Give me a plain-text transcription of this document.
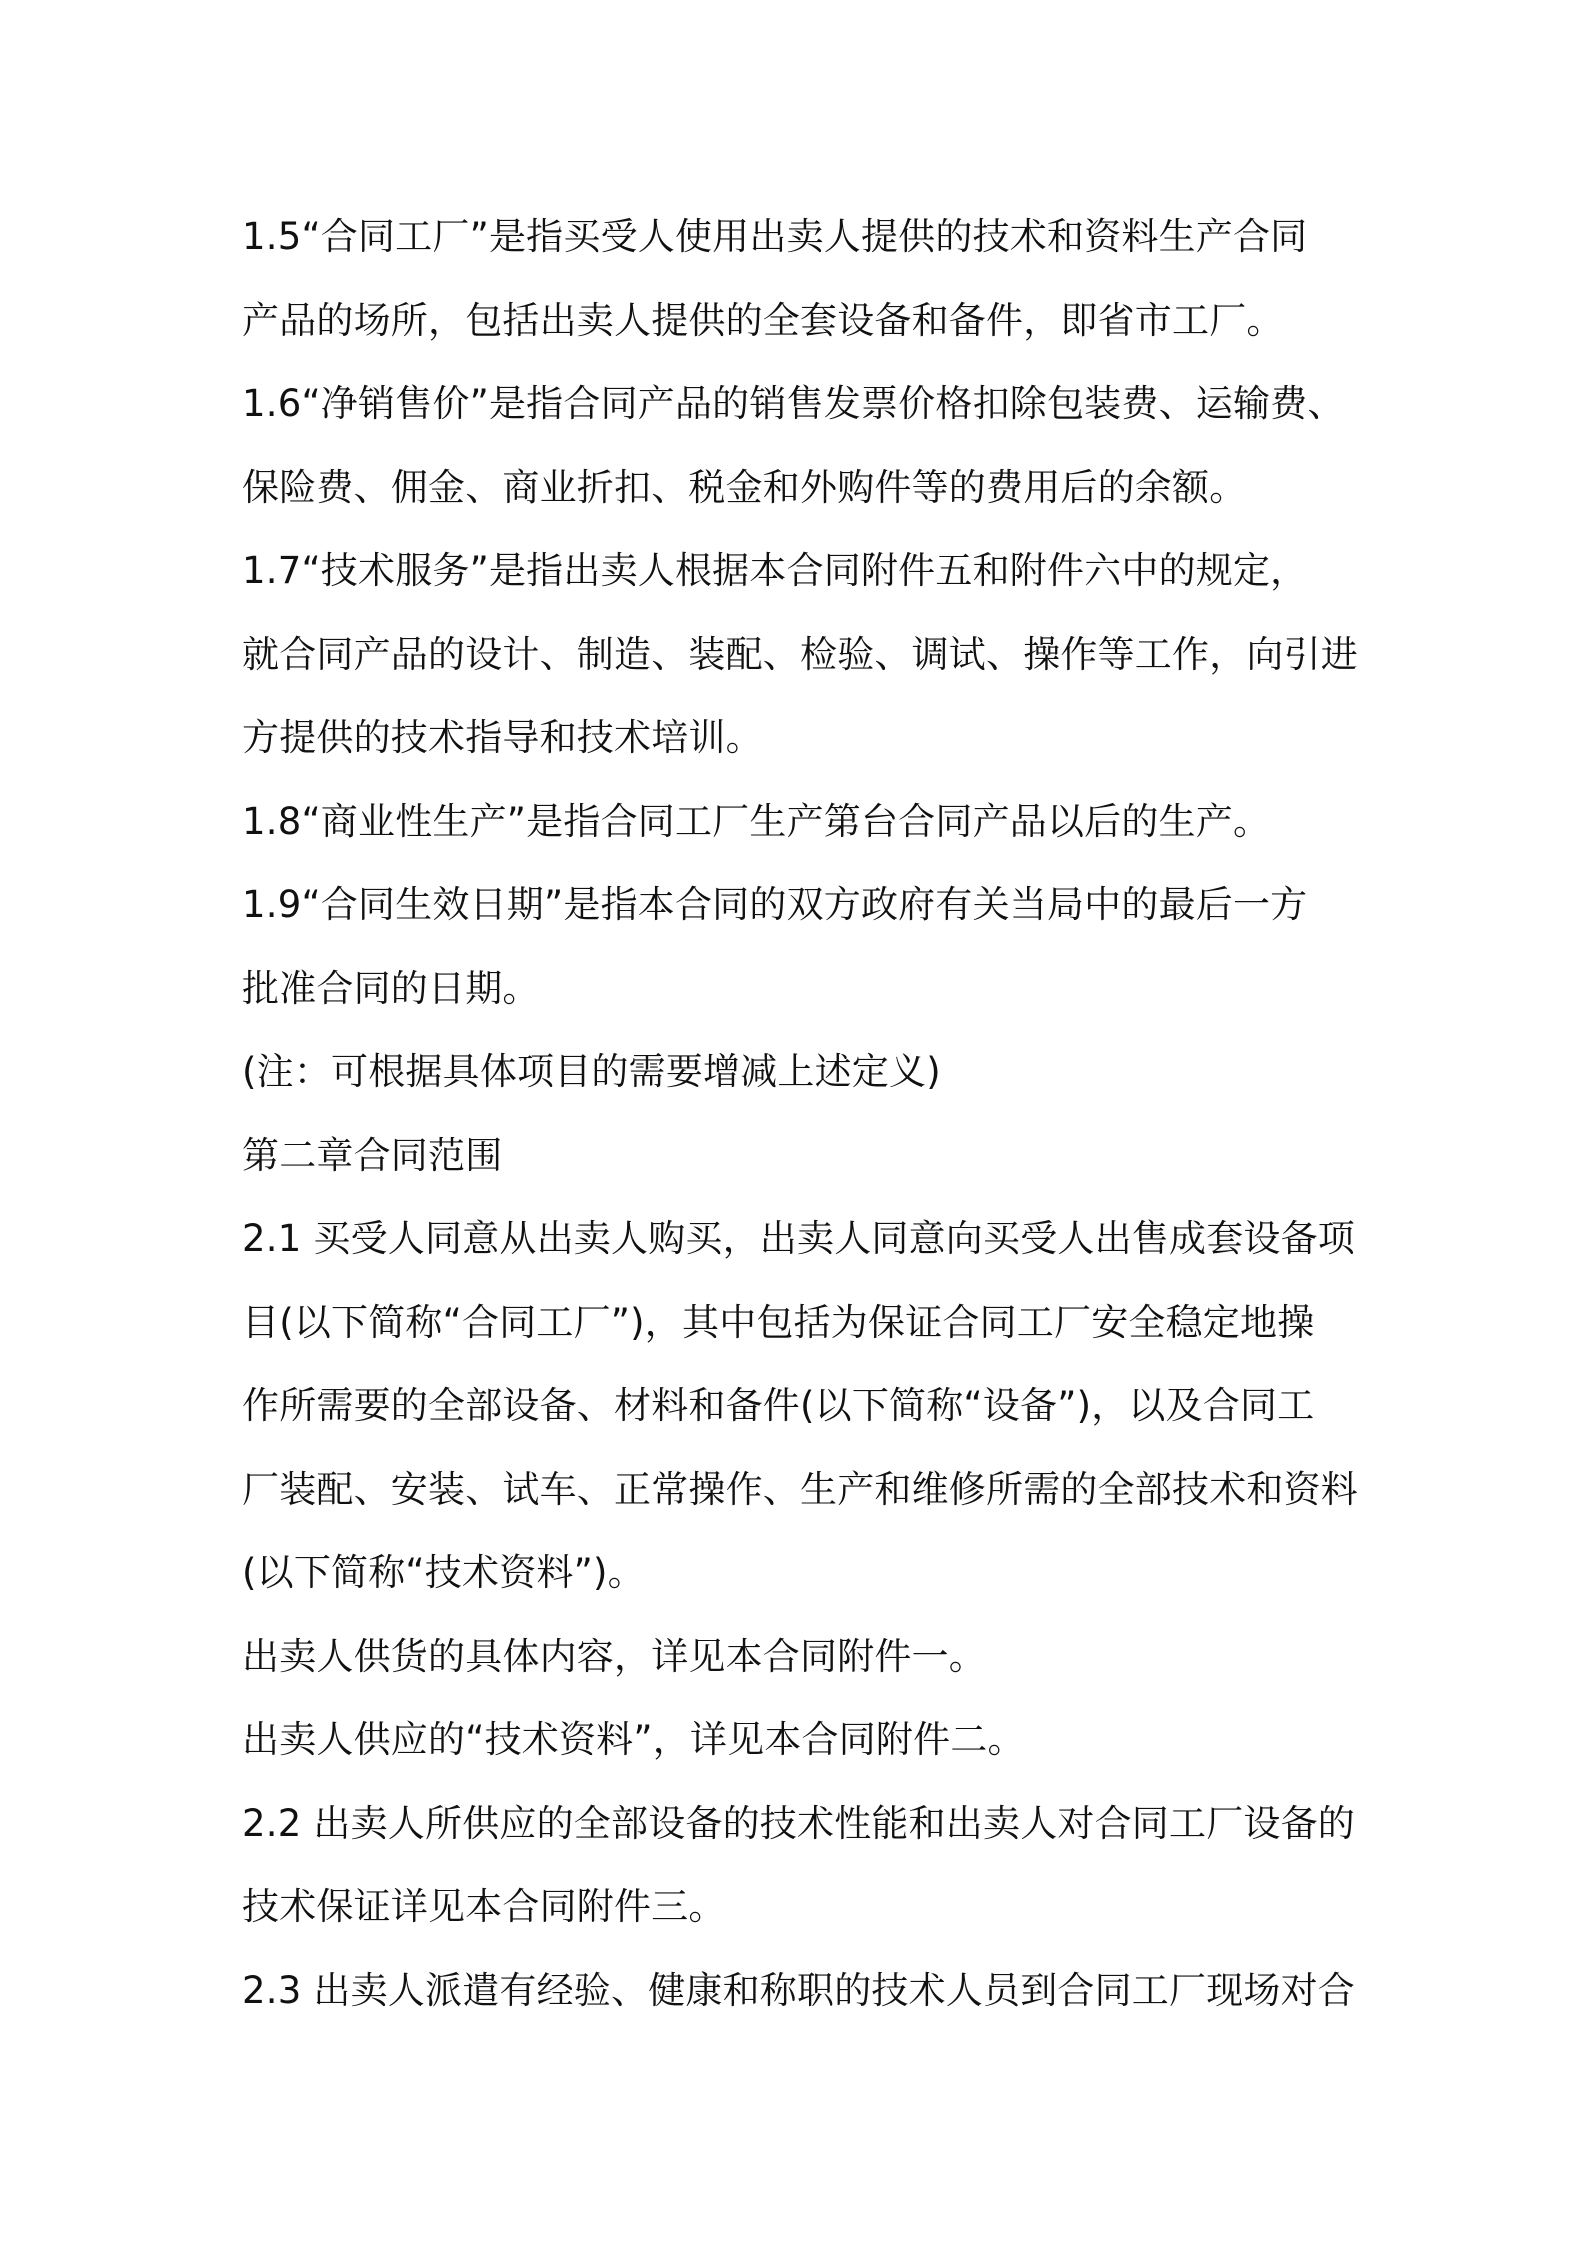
1.5“合同工厂”是指买受人使用出卖人提供的技术和资料生产合同
产品的场所，包括出卖人提供的全套设备和备件，即省市工厂。
1.6“净销售价”是指合同产品的销售发票价格扣除包装费、运输费、
保险费、佣金、商业折扣、税金和外购件等的费用后的余额。
1.7“技术服务”是指出卖人根据本合同附件五和附件六中的规定，
就合同产品的设计、制造、装配、检验、调试、操作等工作，向引进
方提供的技术指导和技术培训。
1.8“商业性生产”是指合同工厂生产第台合同产品以后的生产。
1.9“合同生效日期”是指本合同的双方政府有关当局中的最后一方
批准合同的日期。
(注：可根据具体项目的需要增减上述定义)
第二章合同范围
2.1 买受人同意从出卖人购买，出卖人同意向买受人出售成套设备项
目(以下简称“合同工厂”)，其中包括为保证合同工厂安全稳定地操
作所需要的全部设备、材料和备件(以下简称“设备”)，以及合同工
厂装配、安装、试车、正常操作、生产和维修所需的全部技术和资料
(以下简称“技术资料”)。
出卖人供货的具体内容，详见本合同附件一。
出卖人供应的“技术资料”，详见本合同附件二。
2.2 出卖人所供应的全部设备的技术性能和出卖人对合同工厂设备的
技术保证详见本合同附件三。
2.3 出卖人派遣有经验、健康和称职的技术人员到合同工厂现场对合
